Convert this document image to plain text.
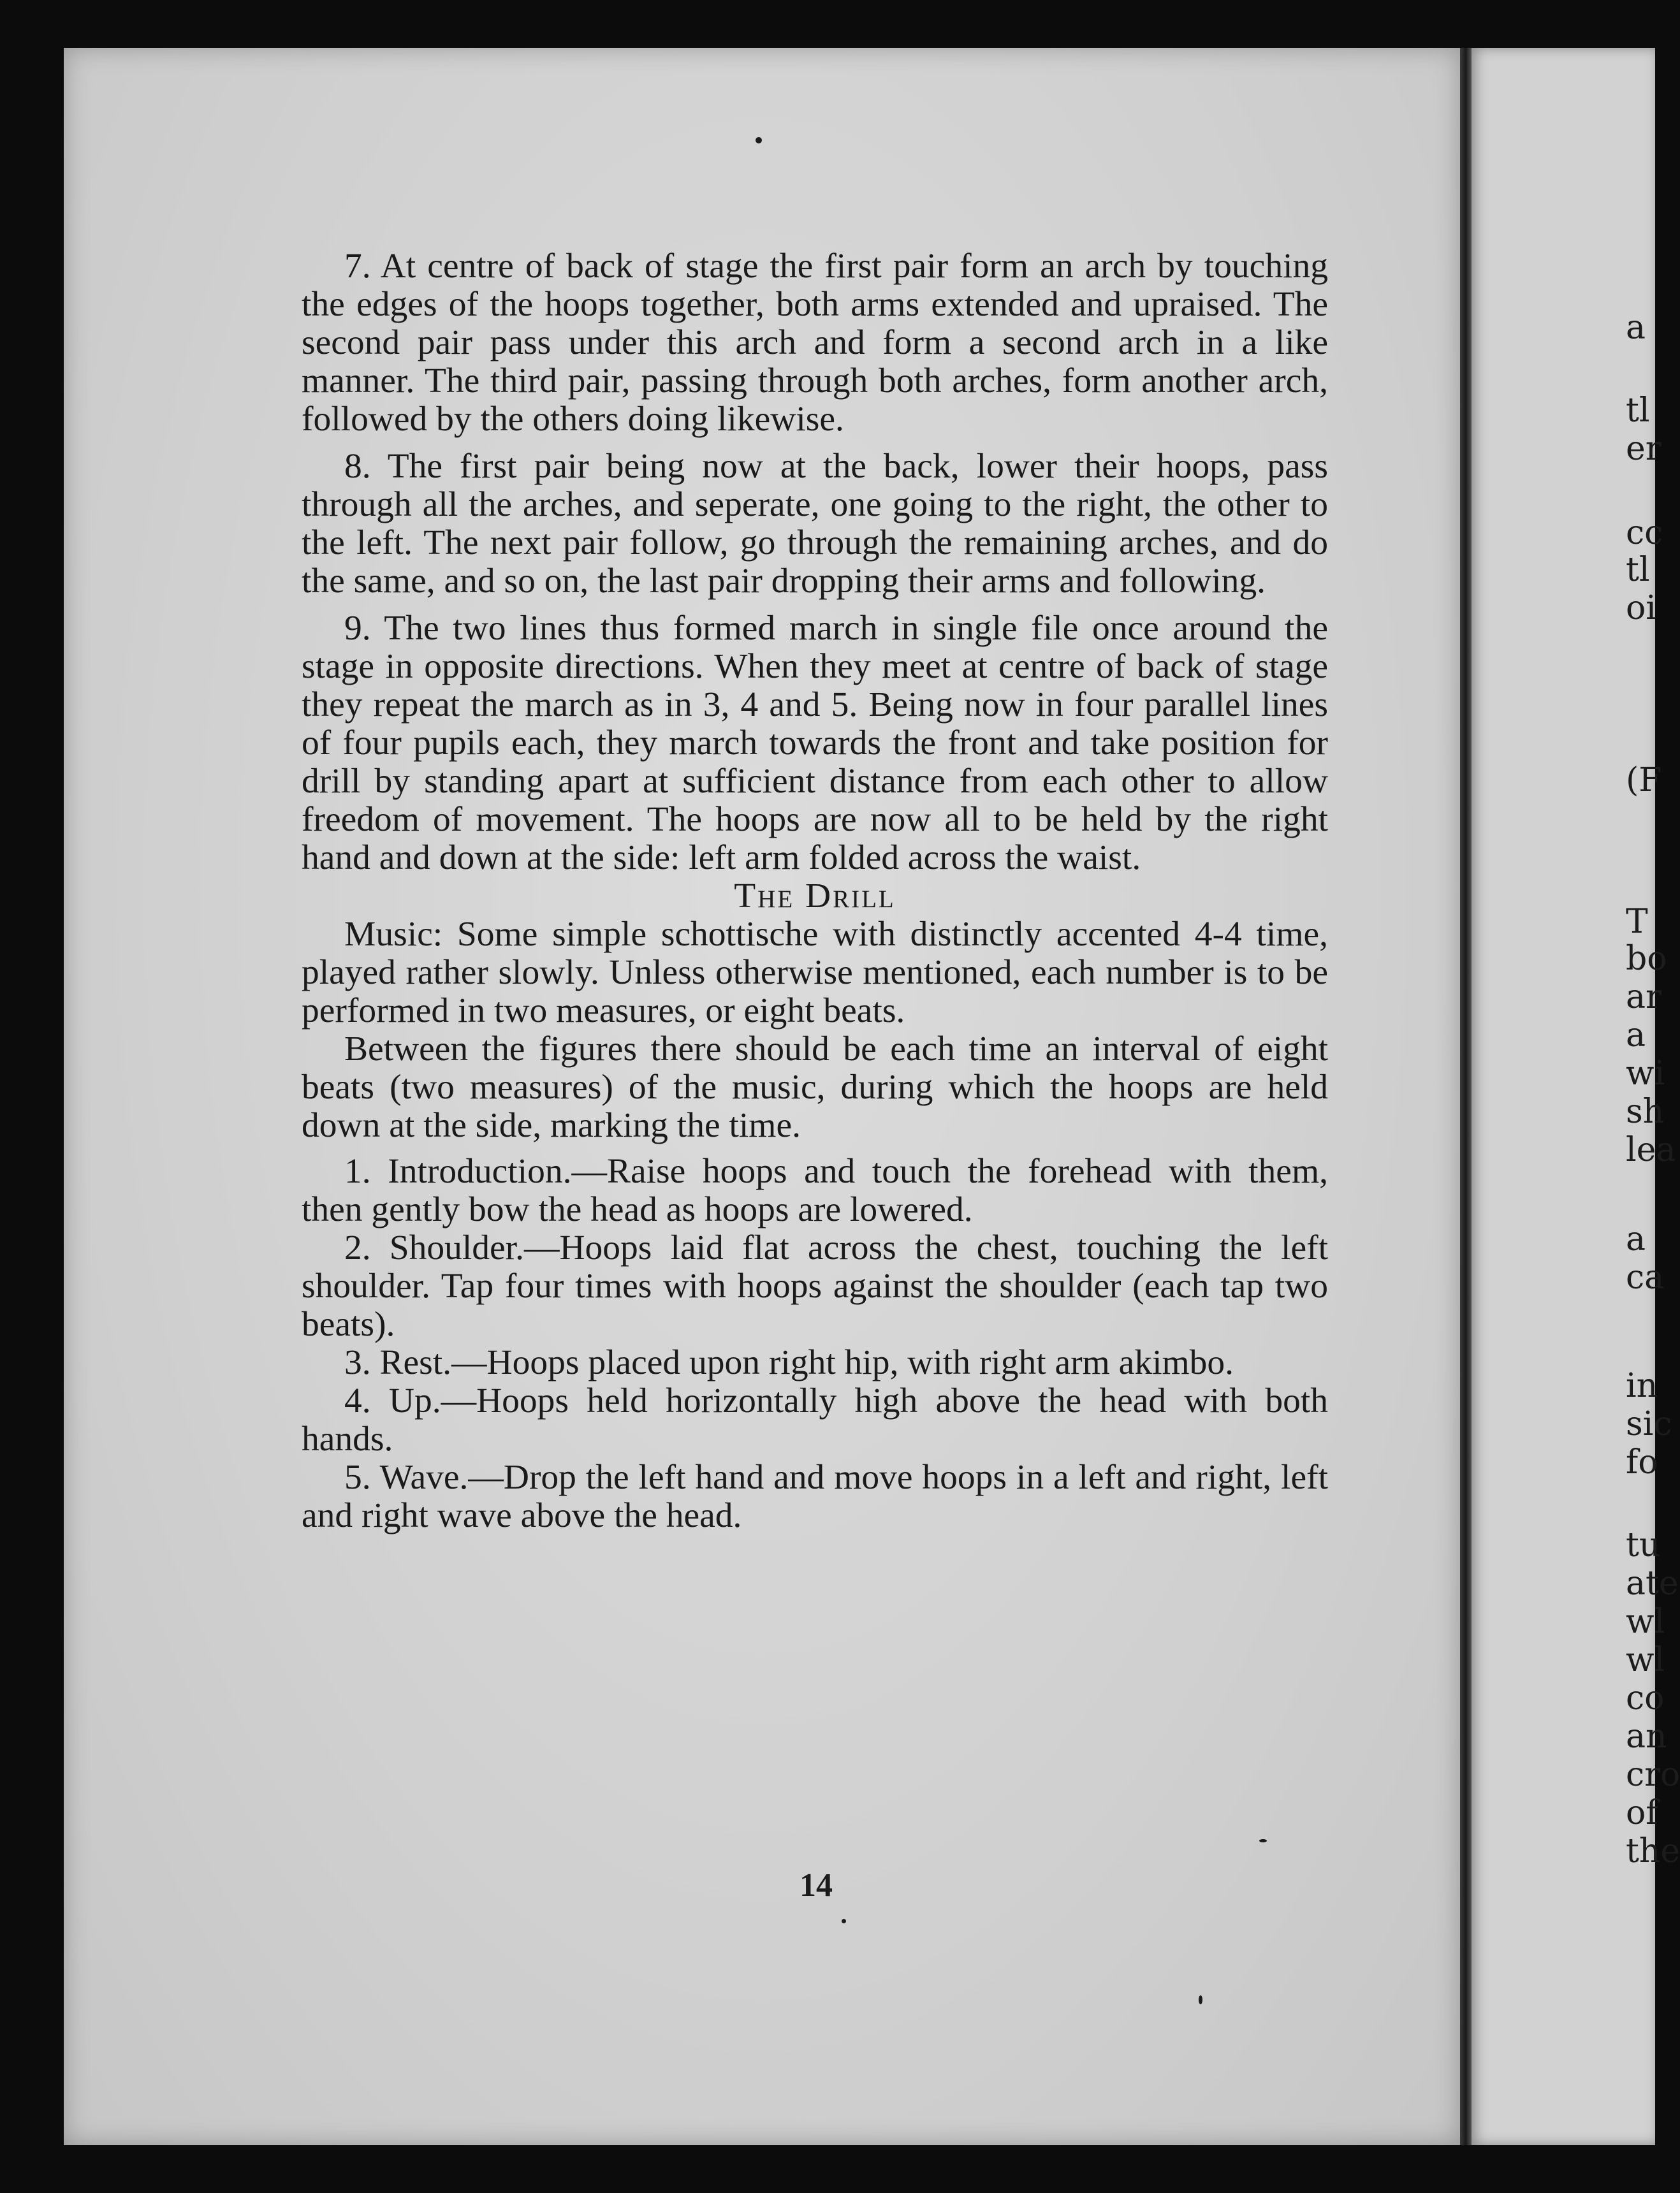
7. At centre of back of stage the first pair form an arch by touching the edges of the hoops together, both arms extended and upraised. The second pair pass under this arch and form a second arch in a like manner. The third pair, passing through both arches, form another arch, followed by the others doing likewise.

8. The first pair being now at the back, lower their hoops, pass through all the arches, and seperate, one going to the right, the other to the left. The next pair follow, go through the remaining arches, and do the same, and so on, the last pair dropping their arms and following.

9. The two lines thus formed march in single file once around the stage in opposite directions. When they meet at centre of back of stage they repeat the march as in 3, 4 and 5. Being now in four parallel lines of four pupils each, they march towards the front and take position for drill by standing apart at sufficient distance from each other to allow freedom of movement. The hoops are now all to be held by the right hand and down at the side: left arm folded across the waist.

The Drill

Music: Some simple schottische with distinctly accented 4-4 time, played rather slowly. Unless otherwise mentioned, each number is to be performed in two measures, or eight beats.

Between the figures there should be each time an interval of eight beats (two measures) of the music, during which the hoops are held down at the side, marking the time.

1. Introduction.—Raise hoops and touch the forehead with them, then gently bow the head as hoops are lowered.

2. Shoulder.—Hoops laid flat across the chest, touching the left shoulder. Tap four times with hoops against the shoulder (each tap two beats).

3. Rest.—Hoops placed upon right hip, with right arm akimbo.

4. Up.—Hoops held horizontally high above the head with both hands.

5. Wave.—Drop the left hand and move hoops in a left and right, left and right wave above the head.

14
a
tl
er
cc
tl
oi
(F
T
bo
ar
a
wi
sh
lea
a
ca
in
sic
fo
tu
ate
wl
wl
co
an
cro
of
the
